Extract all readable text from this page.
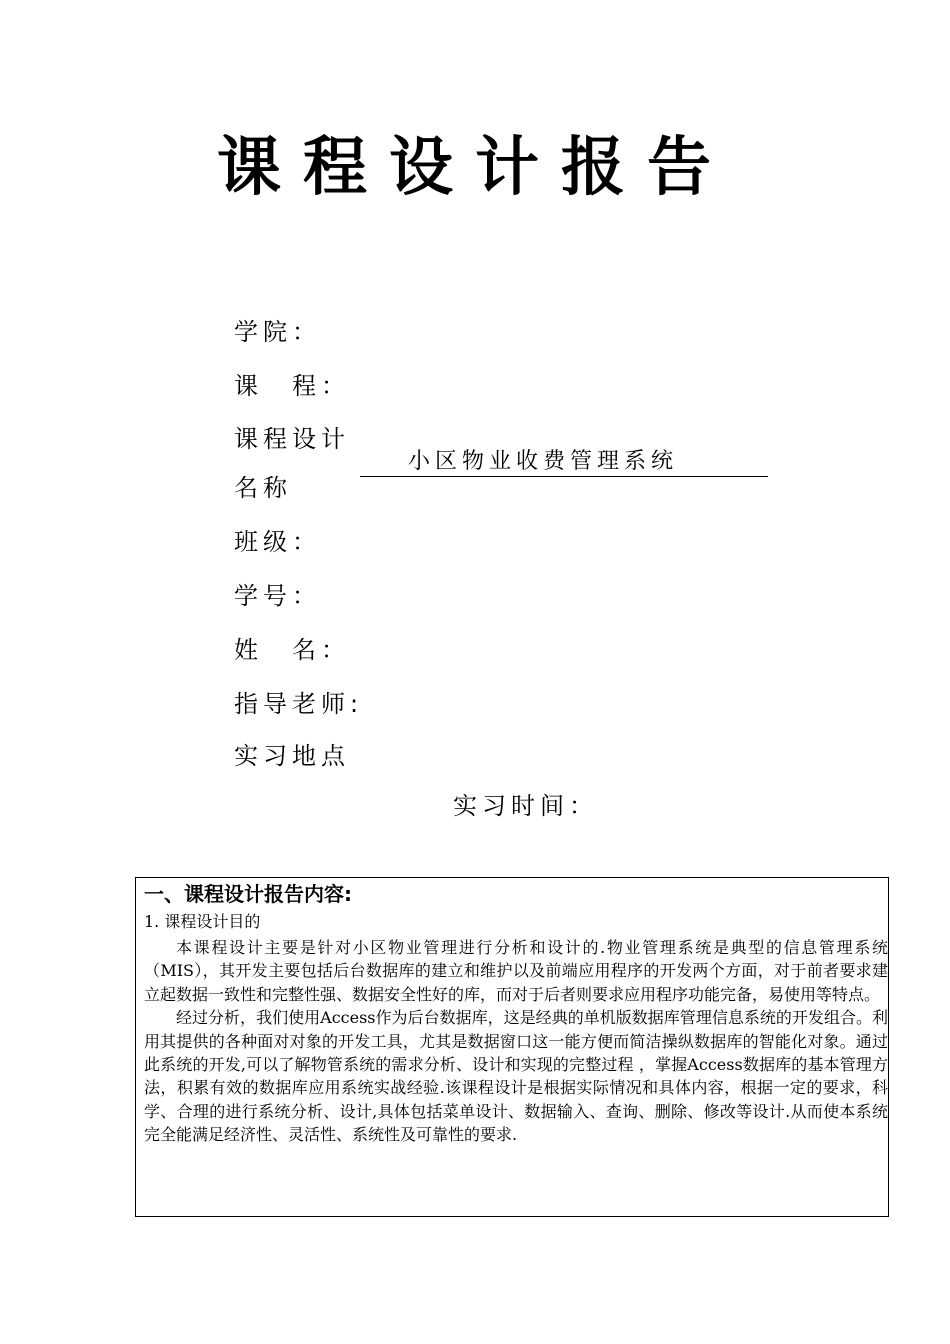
课程设计报告
学院：
课　程：
课程设计
名称
小区物业收费管理系统
班级：
学号：
姓　名：
指导老师:
实习地点
实习时间：

一、课程设计报告内容:

1. 课程设计目的

本课程设计主要是针对小区物业管理进行分析和设计的.物业管理系统是典型的信息管理系统（MIS），其开发主要包括后台数据库的建立和维护以及前端应用程序的开发两个方面，对于前者要求建立起数据一致性和完整性强、数据安全性好的库，而对于后者则要求应用程序功能完备，易使用等特点。

经过分析，我们使用Access作为后台数据库，这是经典的单机版数据库管理信息系统的开发组合。利用其提供的各种面对对象的开发工具，尤其是数据窗口这一能方便而简洁操纵数据库的智能化对象。通过此系统的开发,可以了解物管系统的需求分析、设计和实现的完整过程 ，掌握Access数据库的基本管理方法，积累有效的数据库应用系统实战经验.该课程设计是根据实际情况和具体内容，根据一定的要求，科学、合理的进行系统分析、设计,具体包括菜单设计、数据输入、查询、删除、修改等设计.从而使本系统完全能满足经济性、灵活性、系统性及可靠性的要求.
